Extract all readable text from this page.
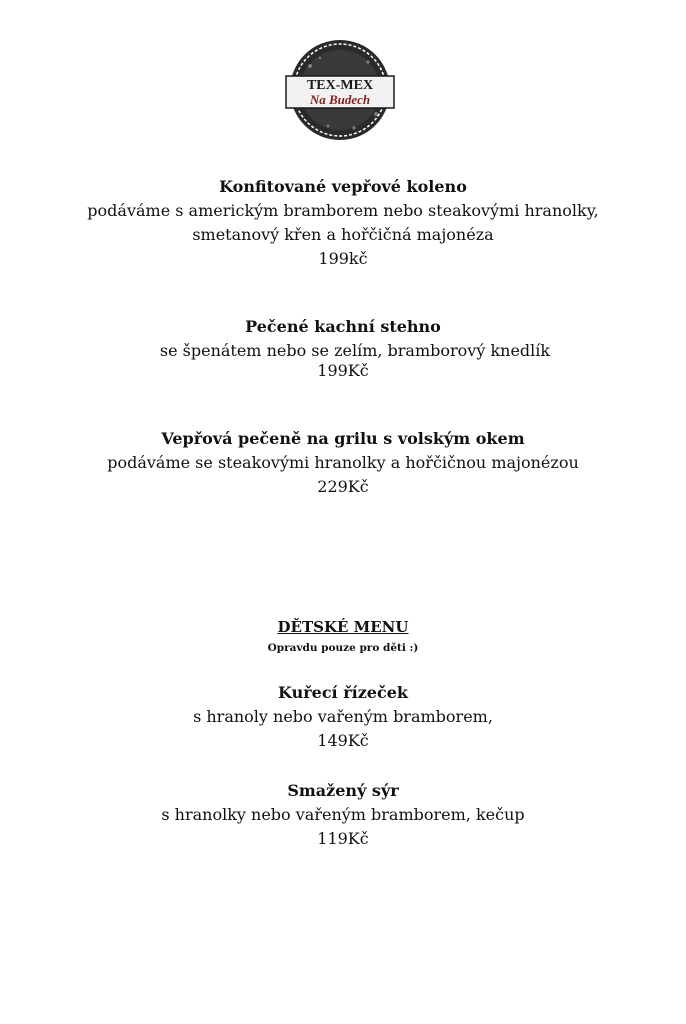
TEX-MEX
Na Budech
Konfitované vepřové koleno
podáváme s americkým bramborem nebo steakovými hranolky,
smetanový křen a hořčičná majonéza
199kč
Pečené kachní stehno
se špenátem nebo se zelím, bramborový knedlík
199Kč
Vepřová pečeně na grilu s volským okem
podáváme se steakovými hranolky a hořčičnou majonézou
229Kč
DĚTSKÉ MENU
Opravdu pouze pro děti :)
Kuřecí řízeček
s hranoly nebo vařeným bramborem,
149Kč
Smažený sýr
s hranolky nebo vařeným bramborem, kečup
119Kč
